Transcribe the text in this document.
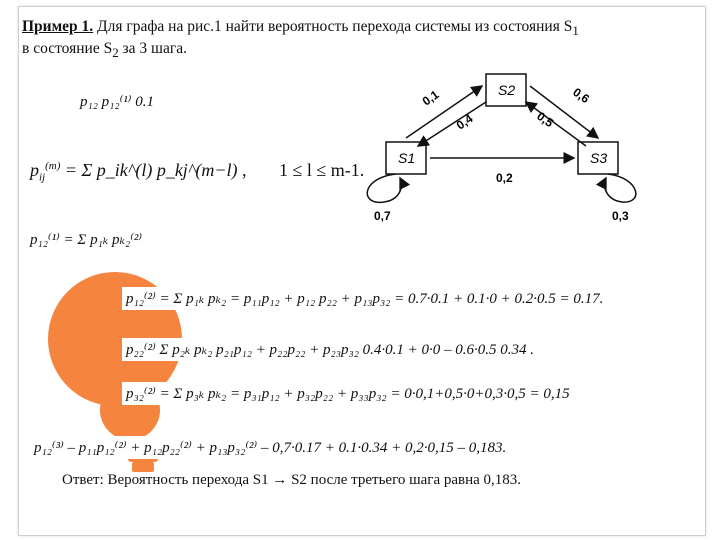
Пример 1. Для графа на рис.1 найти вероятность перехода системы из состояния $S_1$
в состояние $S_2$ за 3 шага.
S2
S1	S3
0,1
0,4
0,6
0,5
0,2
0,7	0,3
p₁₂ p₁₂⁽¹⁾ 0.1
$p_{ij}^{(m)} = \Sigma$ p_ik^(l) p_kj^(m−l) , 1 ≤ l ≤ m-1.
p₁₂⁽¹⁾ = Σ p₁ₖ pₖ₂⁽²⁾
p₁₂⁽²⁾ = Σ p₁ₖ pₖ₂ = p₁₁p₁₂ + p₁₂ p₂₂ + p₁₃p₃₂ = 0.7·0.1 + 0.1·0 + 0.2·0.5 = 0.17.
p₂₂⁽²⁾ Σ p₂ₖ pₖ₂ p₂₁p₁₂ + p₂₂p₂₂ + p₂₃p₃₂ 0.4·0.1 + 0·0 – 0.6·0.5 0.34 .
p₃₂⁽²⁾ = Σ p₃ₖ pₖ₂ = p₃₁p₁₂ + p₃₂p₂₂ + p₃₃p₃₂ = 0·0,1+0,5·0+0,3·0,5 = 0,15
p₁₂⁽³⁾ – p₁₁p₁₂⁽²⁾ + p₁₂p₂₂⁽²⁾ + p₁₃p₃₂⁽²⁾ – 0,7·0.17 + 0.1·0.34 + 0,2·0,15 – 0,183.
Ответ: Вероятность перехода S1 → S2 после третьего шага равна 0,183.
